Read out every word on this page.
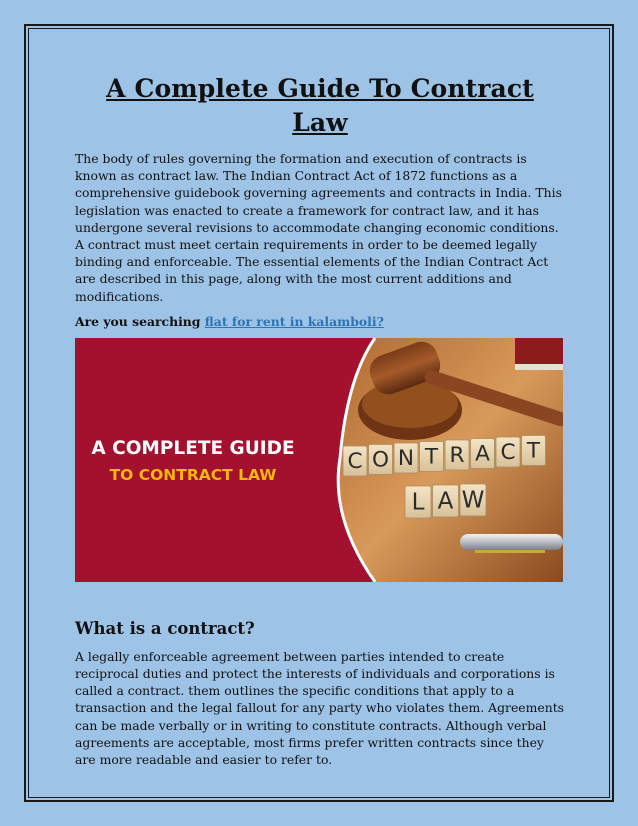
A Complete Guide To Contract Law

The body of rules governing the formation and execution of contracts is known as contract law. The Indian Contract Act of 1872 functions as a comprehensive guidebook governing agreements and contracts in India. This legislation was enacted to create a framework for contract law, and it has undergone several revisions to accommodate changing economic conditions. A contract must meet certain requirements in order to be deemed legally binding and enforceable. The essential elements of the Indian Contract Act are described in this page, along with the most current additions and modifications.

Are you searching flat for rent in kalamboli?

C O N T R A C T
L A W
A COMPLETE GUIDE
TO CONTRACT LAW
What is a contract?

A legally enforceable agreement between parties intended to create reciprocal duties and protect the interests of individuals and corporations is called a contract. them outlines the specific conditions that apply to a transaction and the legal fallout for any party who violates them. Agreements can be made verbally or in writing to constitute contracts. Although verbal agreements are acceptable, most firms prefer written contracts since they are more readable and easier to refer to.
